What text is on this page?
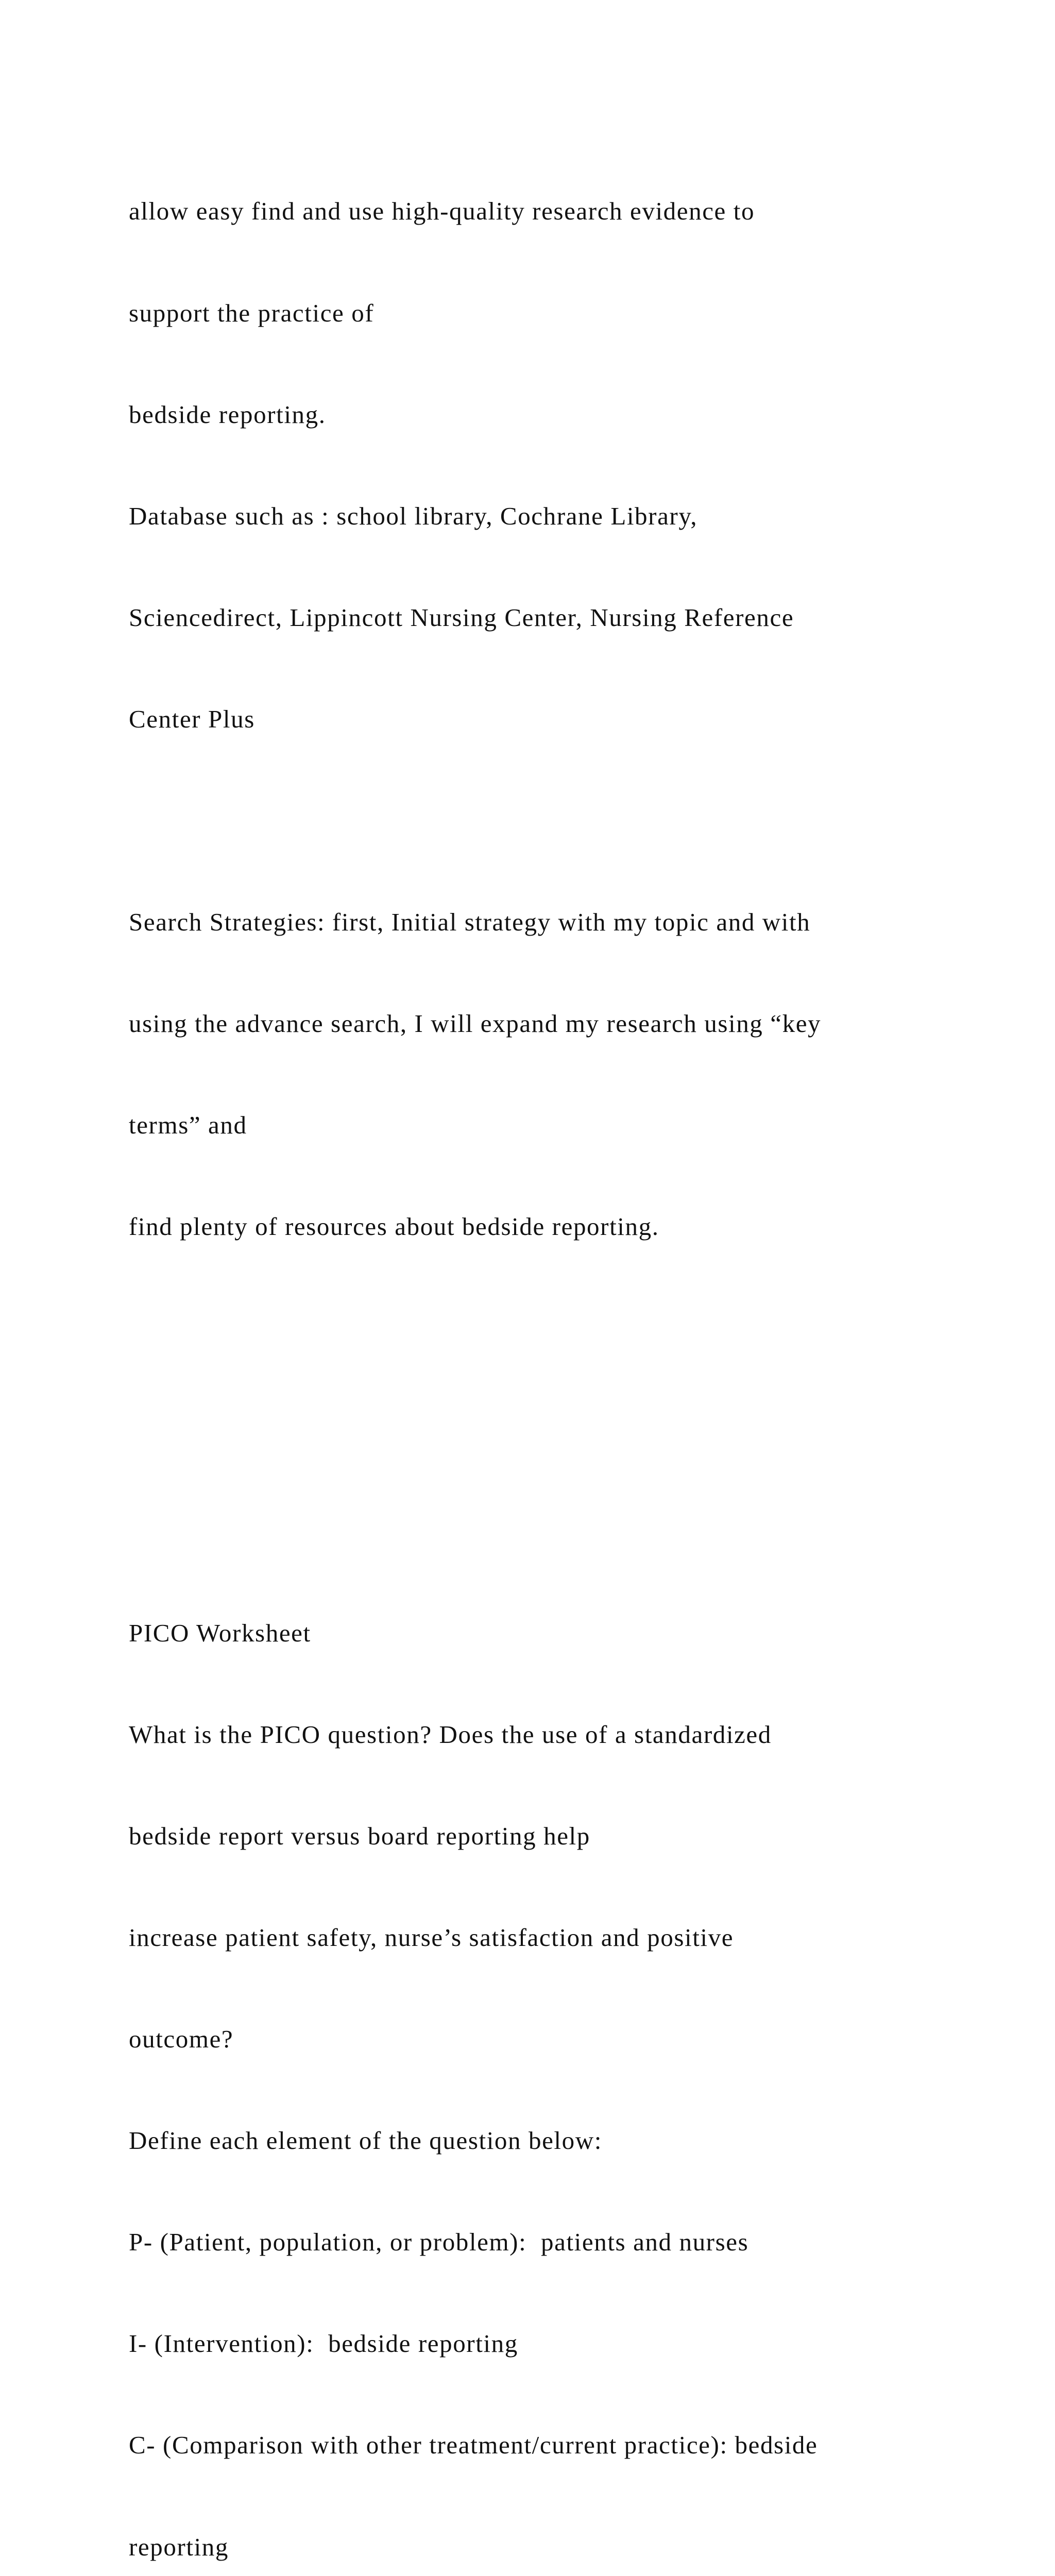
allow easy find and use high-quality research evidence to

support the practice of

bedside reporting.

Database such as : school library, Cochrane Library,

Sciencedirect, Lippincott Nursing Center, Nursing Reference

Center Plus

Search Strategies: first, Initial strategy with my topic and with

using the advance search, I will expand my research using “key

terms” and

find plenty of resources about bedside reporting.

PICO Worksheet

What is the PICO question? Does the use of a standardized

bedside report versus board reporting help

increase patient safety, nurse’s satisfaction and positive

outcome?

Define each element of the question below:

P- (Patient, population, or problem):  patients and nurses

I- (Intervention):  bedside reporting

C- (Comparison with other treatment/current practice): bedside

reporting
